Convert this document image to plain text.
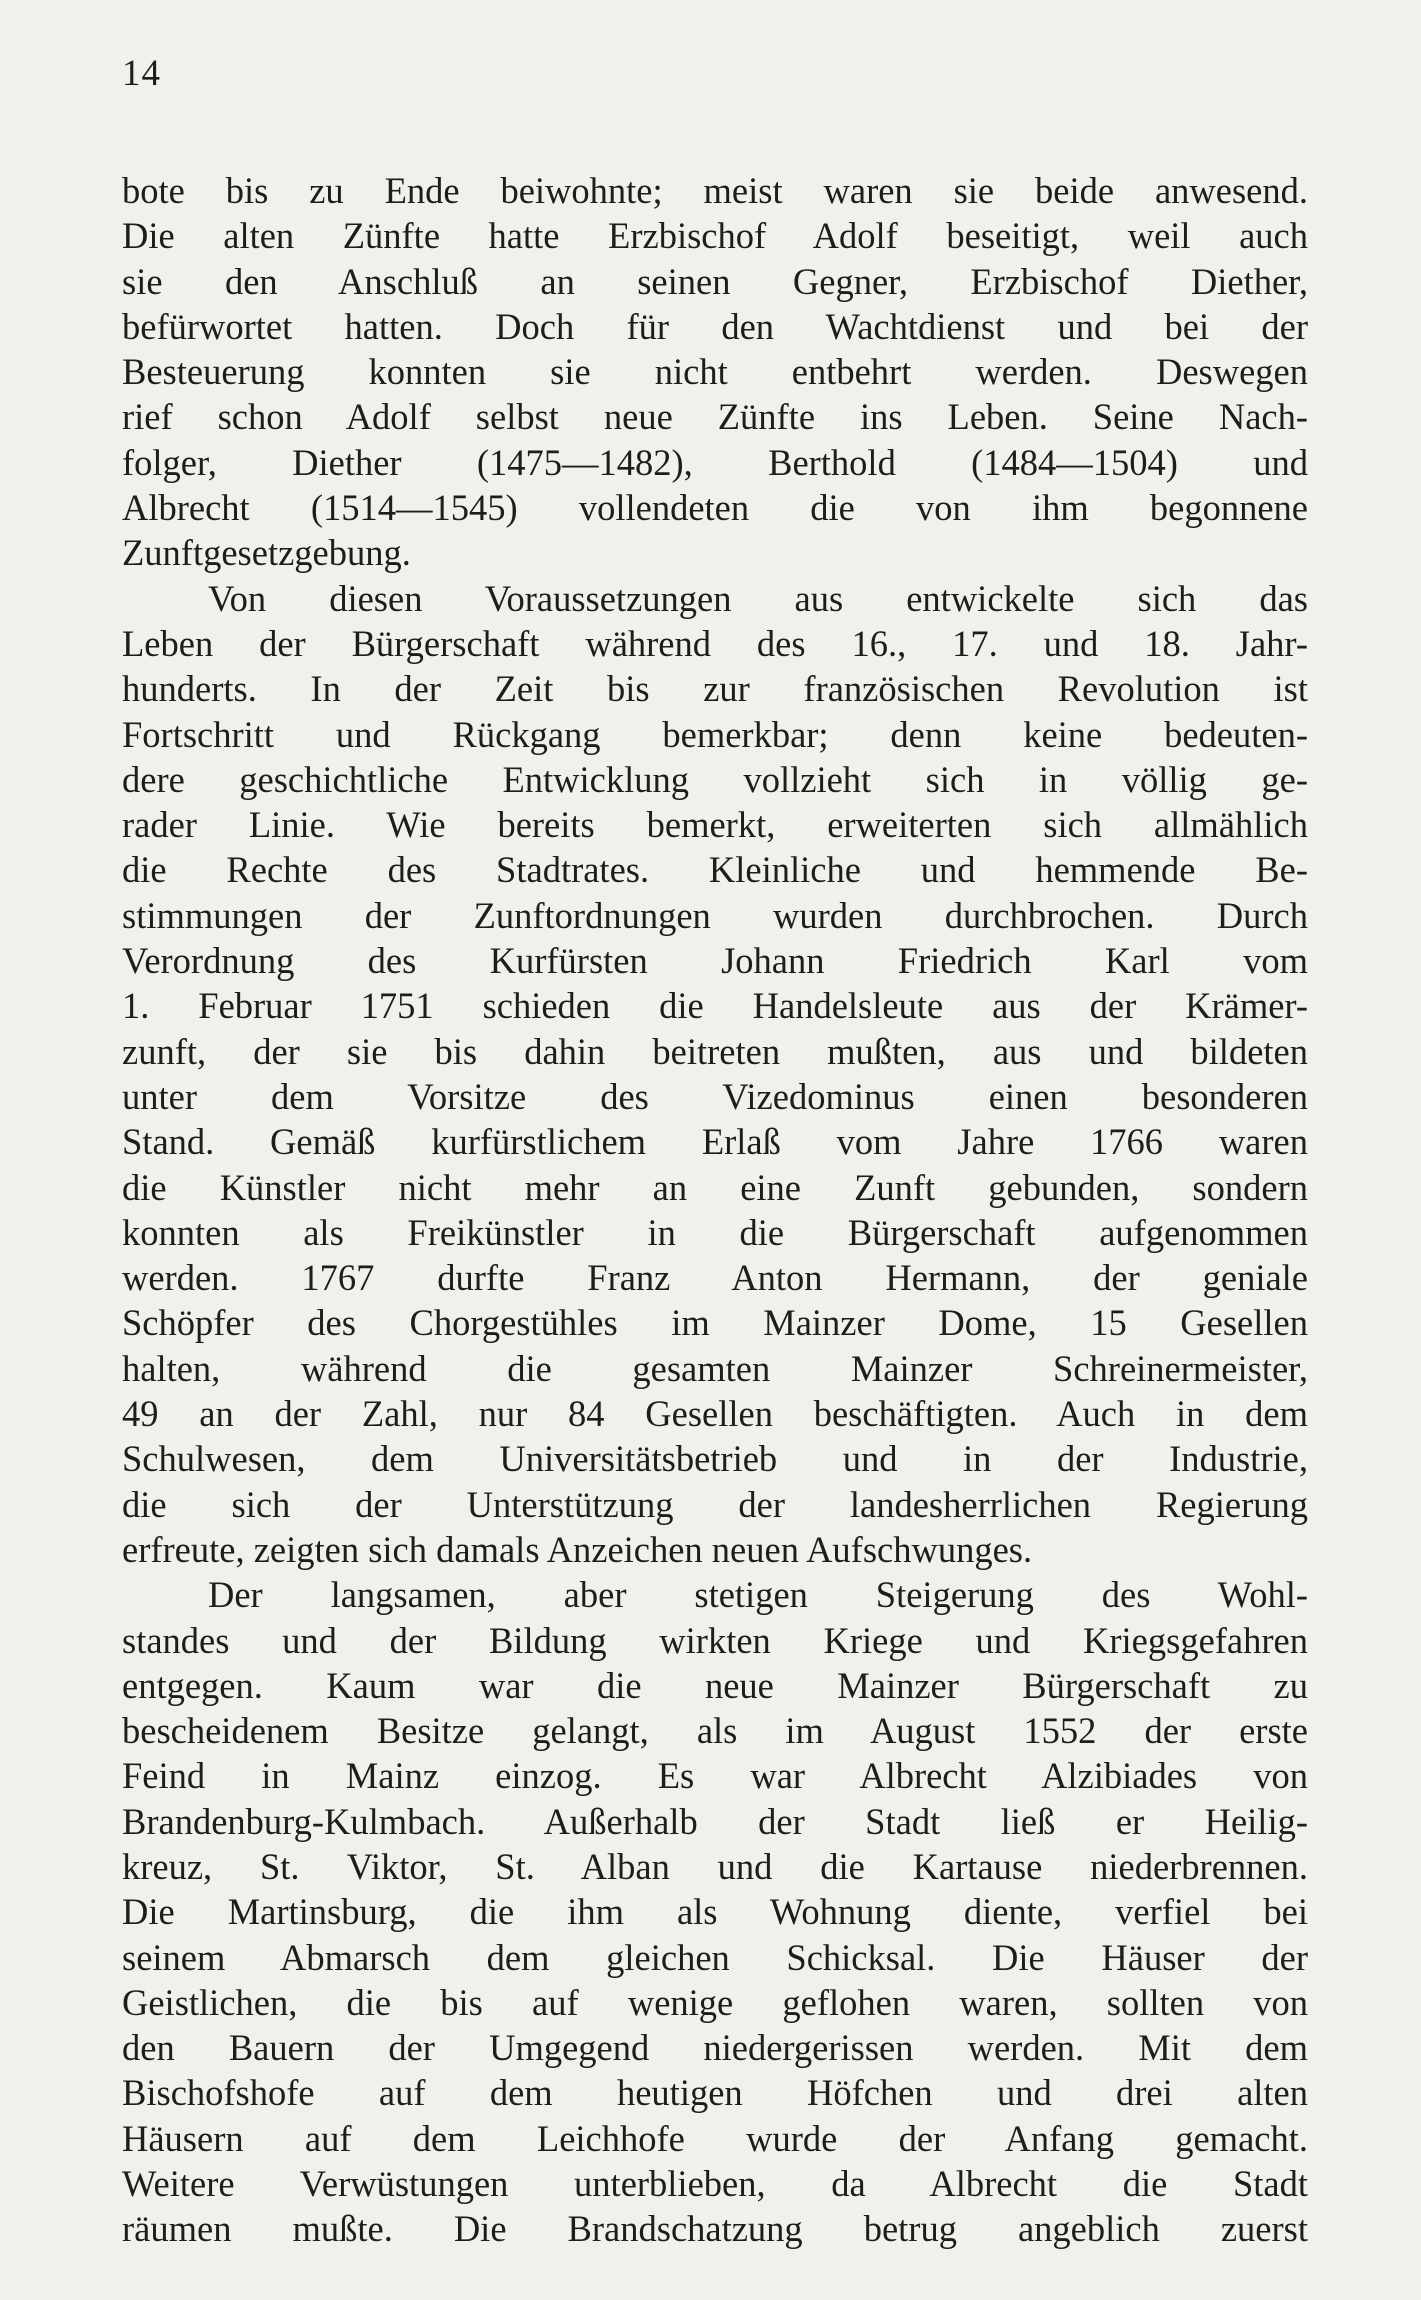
14
bote bis zu Ende beiwohnte; meist waren sie beide anwesend.
Die alten Zünfte hatte Erzbischof Adolf beseitigt, weil auch
sie den Anschluß an seinen Gegner, Erzbischof Diether,
befürwortet hatten. Doch für den Wachtdienst und bei der
Besteuerung konnten sie nicht entbehrt werden. Deswegen
rief schon Adolf selbst neue Zünfte ins Leben. Seine Nach-
folger, Diether (1475—1482), Berthold (1484—1504) und
Albrecht (1514—1545) vollendeten die von ihm begonnene
Zunftgesetzgebung.
Von diesen Voraussetzungen aus entwickelte sich das
Leben der Bürgerschaft während des 16., 17. und 18. Jahr-
hunderts. In der Zeit bis zur französischen Revolution ist
Fortschritt und Rückgang bemerkbar; denn keine bedeuten-
dere geschichtliche Entwicklung vollzieht sich in völlig ge-
rader Linie. Wie bereits bemerkt, erweiterten sich allmählich
die Rechte des Stadtrates. Kleinliche und hemmende Be-
stimmungen der Zunftordnungen wurden durchbrochen. Durch
Verordnung des Kurfürsten Johann Friedrich Karl vom
1. Februar 1751 schieden die Handelsleute aus der Krämer-
zunft, der sie bis dahin beitreten mußten, aus und bildeten
unter dem Vorsitze des Vizedominus einen besonderen
Stand. Gemäß kurfürstlichem Erlaß vom Jahre 1766 waren
die Künstler nicht mehr an eine Zunft gebunden, sondern
konnten als Freikünstler in die Bürgerschaft aufgenommen
werden. 1767 durfte Franz Anton Hermann, der geniale
Schöpfer des Chorgestühles im Mainzer Dome, 15 Gesellen
halten, während die gesamten Mainzer Schreinermeister,
49 an der Zahl, nur 84 Gesellen beschäftigten. Auch in dem
Schulwesen, dem Universitätsbetrieb und in der Industrie,
die sich der Unterstützung der landesherrlichen Regierung
erfreute, zeigten sich damals Anzeichen neuen Aufschwunges.
Der langsamen, aber stetigen Steigerung des Wohl-
standes und der Bildung wirkten Kriege und Kriegsgefahren
entgegen. Kaum war die neue Mainzer Bürgerschaft zu
bescheidenem Besitze gelangt, als im August 1552 der erste
Feind in Mainz einzog. Es war Albrecht Alzibiades von
Brandenburg-Kulmbach. Außerhalb der Stadt ließ er Heilig-
kreuz, St. Viktor, St. Alban und die Kartause niederbrennen.
Die Martinsburg, die ihm als Wohnung diente, verfiel bei
seinem Abmarsch dem gleichen Schicksal. Die Häuser der
Geistlichen, die bis auf wenige geflohen waren, sollten von
den Bauern der Umgegend niedergerissen werden. Mit dem
Bischofshofe auf dem heutigen Höfchen und drei alten
Häusern auf dem Leichhofe wurde der Anfang gemacht.
Weitere Verwüstungen unterblieben, da Albrecht die Stadt
räumen mußte. Die Brandschatzung betrug angeblich zuerst
